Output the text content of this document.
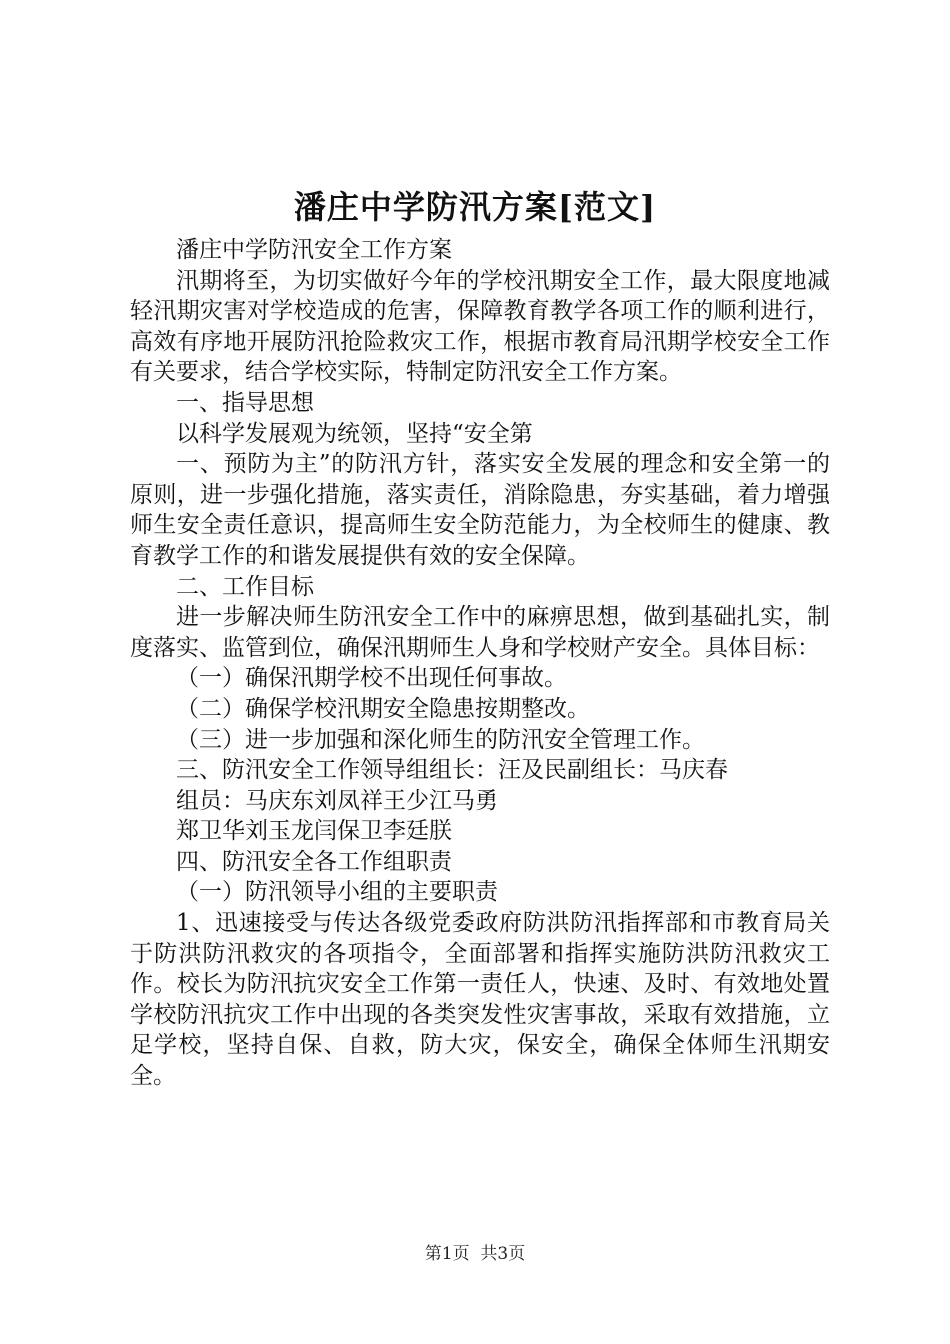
潘庄中学防汛方案[范文]

潘庄中学防汛安全工作方案

汛期将至，为切实做好今年的学校汛期安全工作，最大限度地减轻汛期灾害对学校造成的危害，保障教育教学各项工作的顺利进行，高效有序地开展防汛抢险救灾工作，根据市教育局汛期学校安全工作有关要求，结合学校实际，特制定防汛安全工作方案。

一、指导思想

以科学发展观为统领，坚持“安全第

一、预防为主”的防汛方针，落实安全发展的理念和安全第一的原则，进一步强化措施，落实责任，消除隐患，夯实基础，着力增强师生安全责任意识，提高师生安全防范能力，为全校师生的健康、教育教学工作的和谐发展提供有效的安全保障。

二、工作目标

进一步解决师生防汛安全工作中的麻痹思想，做到基础扎实，制度落实、监管到位，确保汛期师生人身和学校财产安全。具体目标：

（一）确保汛期学校不出现任何事故。

（二）确保学校汛期安全隐患按期整改。

（三）进一步加强和深化师生的防汛安全管理工作。

三、防汛安全工作领导组组长：汪及民副组长：马庆春

组员：马庆东刘凤祥王少江马勇

郑卫华刘玉龙闫保卫李廷朕

四、防汛安全各工作组职责

（一）防汛领导小组的主要职责

1、迅速接受与传达各级党委政府防洪防汛指挥部和市教育局关于防洪防汛救灾的各项指令，全面部署和指挥实施防洪防汛救灾工作。校长为防汛抗灾安全工作第一责任人，快速、及时、有效地处置学校防汛抗灾工作中出现的各类突发性灾害事故，采取有效措施，立足学校，坚持自保、自救，防大灾，保安全，确保全体师生汛期安全。

第1页 共3页
